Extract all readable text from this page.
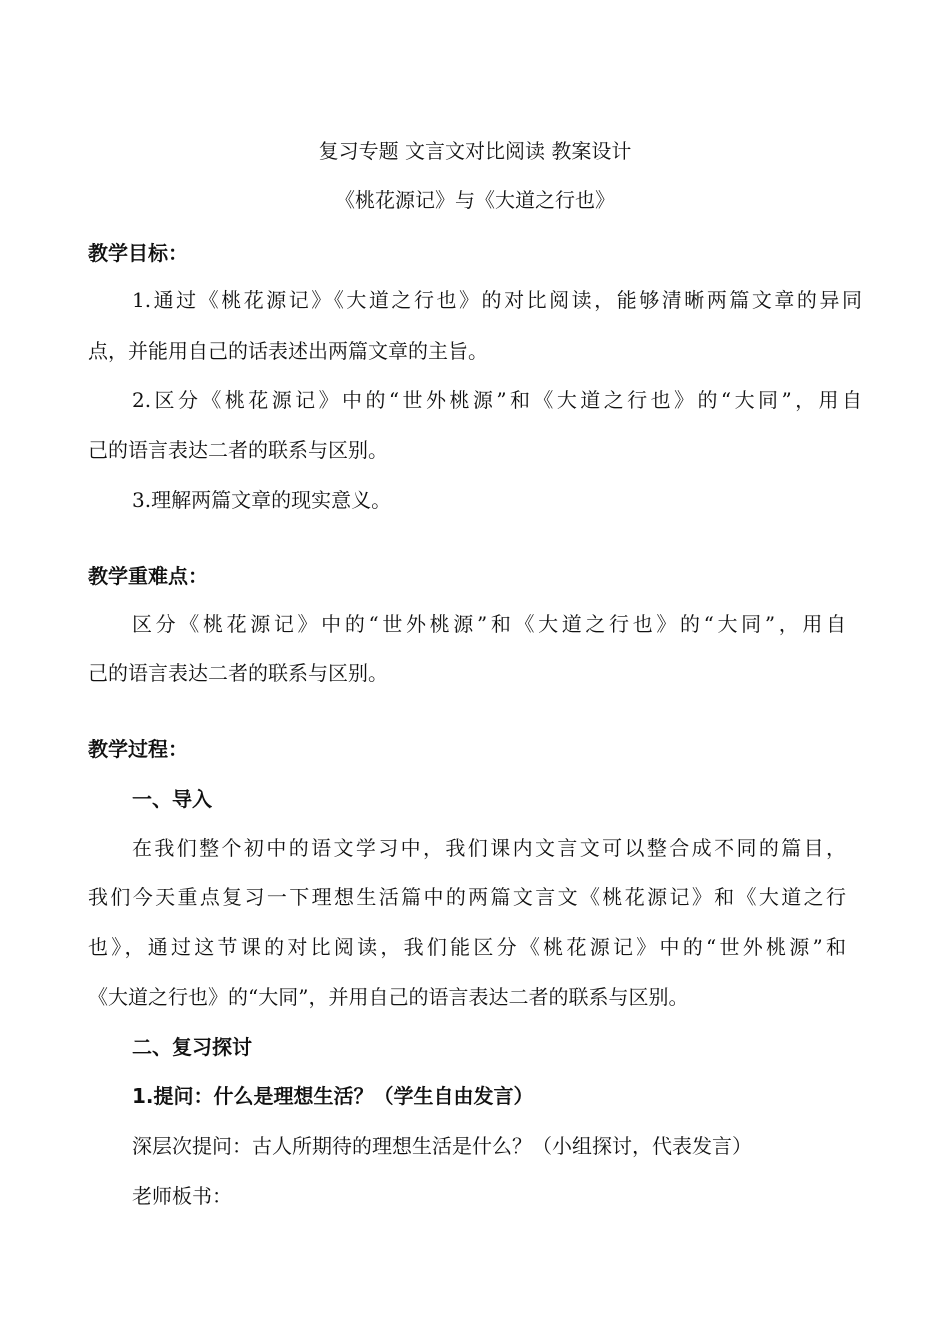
复习专题 文言文对比阅读 教案设计
《桃花源记》与《大道之行也》
教学目标：
1.通过《桃花源记》《大道之行也》的对比阅读，能够清晰两篇文章的异同
点，并能用自己的话表述出两篇文章的主旨。
2.区分《桃花源记》中的“世外桃源”和《大道之行也》的“大同”，用自
己的语言表达二者的联系与区别。
3.理解两篇文章的现实意义。
教学重难点：
区分《桃花源记》中的“世外桃源”和《大道之行也》的“大同”，用自
己的语言表达二者的联系与区别。
教学过程：
一、导入
在我们整个初中的语文学习中，我们课内文言文可以整合成不同的篇目，
我们今天重点复习一下理想生活篇中的两篇文言文《桃花源记》和《大道之行
也》，通过这节课的对比阅读，我们能区分《桃花源记》中的“世外桃源”和
《大道之行也》的“大同”，并用自己的语言表达二者的联系与区别。
二、复习探讨
1.提问：什么是理想生活？（学生自由发言）
深层次提问：古人所期待的理想生活是什么？（小组探讨，代表发言）
老师板书：
